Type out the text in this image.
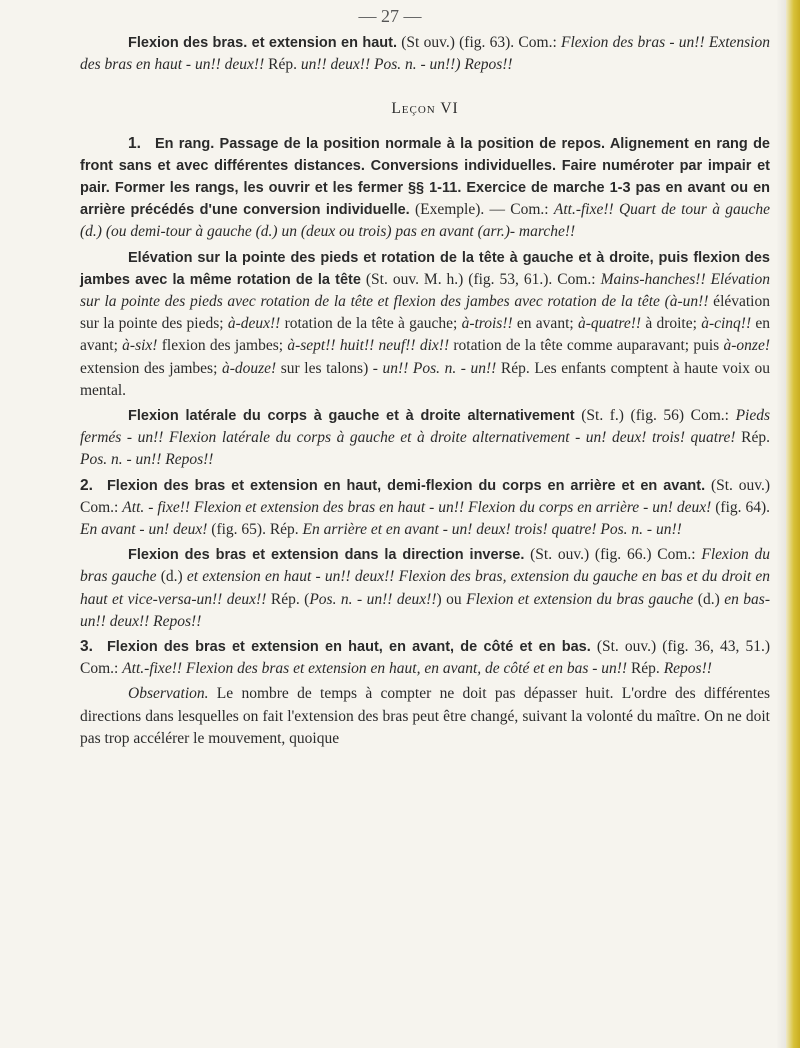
— 27 —

Flexion des bras. et extension en haut. (St ouv.) (fig. 63). Com.: Flexion des bras - un!! Extension des bras en haut - un!! deux!! Rép. un!! deux!! Pos. n. - un!!) Repos!!

Leçon VI

1. En rang. Passage de la position normale à la position de repos. Alignement en rang de front sans et avec différentes distances. Conversions individuelles. Faire numéroter par impair et pair. Former les rangs, les ouvrir et les fermer §§ 1-11. Exercice de marche 1-3 pas en avant ou en arrière précédés d'une conversion individuelle. (Exemple). — Com.: Att.-fixe!! Quart de tour à gauche (d.) (ou demi-tour à gauche (d.) un (deux ou trois) pas en avant (arr.)- marche!!

Elévation sur la pointe des pieds et rotation de la tête à gauche et à droite, puis flexion des jambes avec la même rotation de la tête (St. ouv. M. h.) (fig. 53, 61.). Com.: Mains-hanches!! Elévation sur la pointe des pieds avec rotation de la tête et flexion des jambes avec rotation de la tête (à-un!! élévation sur la pointe des pieds; à-deux!! rotation de la tête à gauche; à-trois!! en avant; à-quatre!! à droite; à-cinq!! en avant; à-six! flexion des jambes; à-sept!! huit!! neuf!! dix!! rotation de la tête comme auparavant; puis à-onze! extension des jambes; à-douze! sur les talons) - un!! Pos. n. - un!! Rép. Les enfants comptent à haute voix ou mental.

Flexion latérale du corps à gauche et à droite alternativement (St. f.) (fig. 56) Com.: Pieds fermés - un!! Flexion latérale du corps à gauche et à droite alternativement - un! deux! trois! quatre! Rép. Pos. n. - un!! Repos!!

2. Flexion des bras et extension en haut, demi-flexion du corps en arrière et en avant. (St. ouv.) Com.: Att. - fixe!! Flexion et extension des bras en haut - un!! Flexion du corps en arrière - un! deux! (fig. 64). En avant - un! deux! (fig. 65). Rép. En arrière et en avant - un! deux! trois! quatre! Pos. n. - un!!

Flexion des bras et extension dans la direction inverse. (St. ouv.) (fig. 66.) Com.: Flexion du bras gauche (d.) et extension en haut - un!! deux!! Flexion des bras, extension du gauche en bas et du droit en haut et vice-versa-un!! deux!! Rép. (Pos. n. - un!! deux!!) ou Flexion et extension du bras gauche (d.) en bas- un!! deux!! Repos!!

3. Flexion des bras et extension en haut, en avant, de côté et en bas. (St. ouv.) (fig. 36, 43, 51.) Com.: Att.-fixe!! Flexion des bras et extension en haut, en avant, de côté et en bas - un!! Rép. Repos!!

Observation. Le nombre de temps à compter ne doit pas dépasser huit. L'ordre des différentes directions dans lesquelles on fait l'extension des bras peut être changé, suivant la volonté du maître. On ne doit pas trop accélérer le mouvement, quoique
